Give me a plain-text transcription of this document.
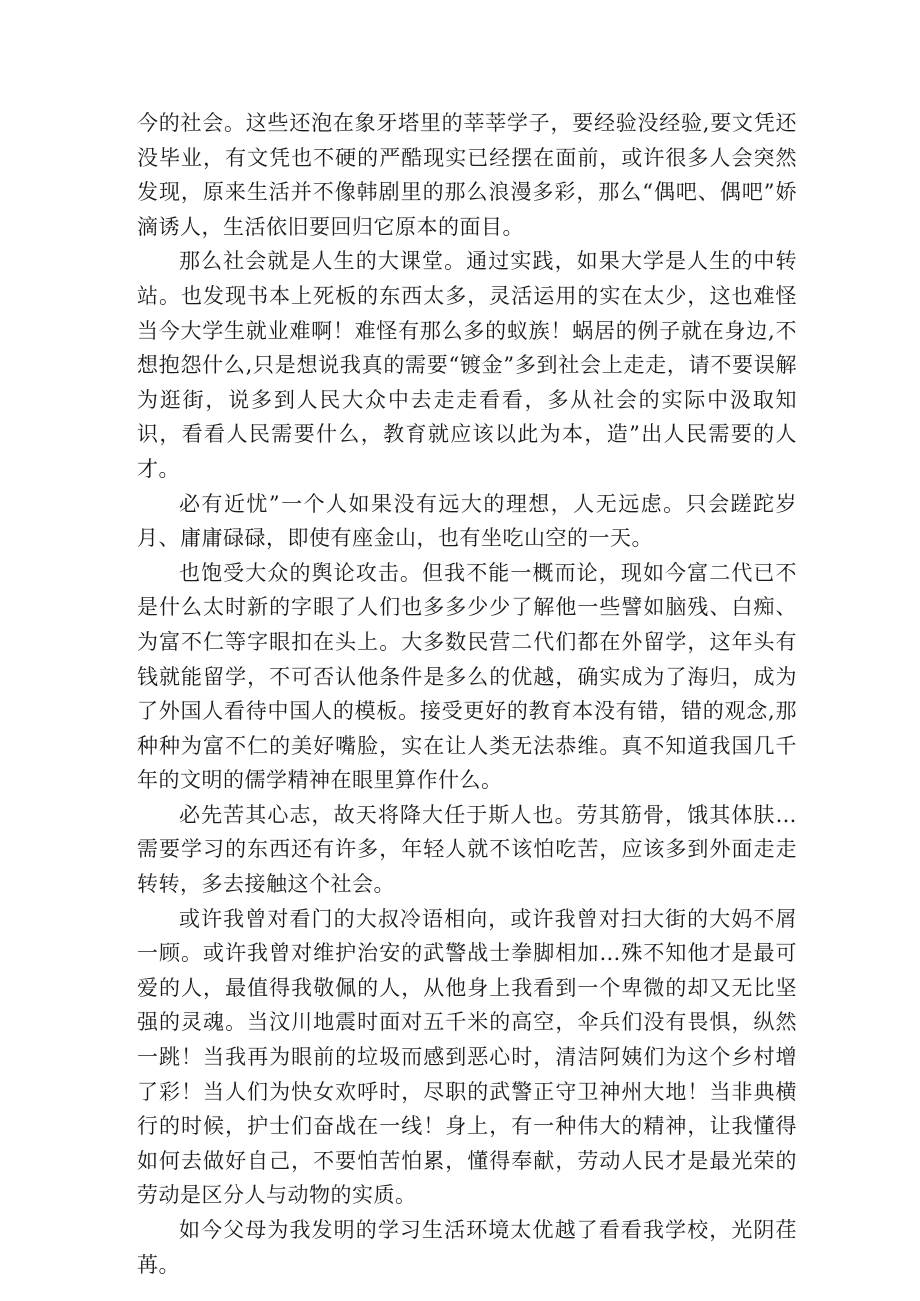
今的社会。这些还泡在象牙塔里的莘莘学子，要经验没经验,要文凭还没毕业，有文凭也不硬的严酷现实已经摆在面前，或许很多人会突然发现，原来生活并不像韩剧里的那么浪漫多彩，那么“偶吧、偶吧”娇滴诱人，生活依旧要回归它原本的面目。

那么社会就是人生的大课堂。通过实践，如果大学是人生的中转站。也发现书本上死板的东西太多，灵活运用的实在太少，这也难怪当今大学生就业难啊！难怪有那么多的蚁族！蜗居的例子就在身边,不想抱怨什么,只是想说我真的需要“镀金”多到社会上走走，请不要误解为逛街，说多到人民大众中去走走看看，多从社会的实际中汲取知识，看看人民需要什么，教育就应该以此为本，造”出人民需要的人才。

必有近忧”一个人如果没有远大的理想，人无远虑。只会蹉跎岁月、庸庸碌碌，即使有座金山，也有坐吃山空的一天。

也饱受大众的舆论攻击。但我不能一概而论，现如今富二代已不是什么太时新的字眼了人们也多多少少了解他一些譬如脑残、白痴、为富不仁等字眼扣在头上。大多数民营二代们都在外留学，这年头有钱就能留学，不可否认他条件是多么的优越，确实成为了海归，成为了外国人看待中国人的模板。接受更好的教育本没有错，错的观念,那种种为富不仁的美好嘴脸，实在让人类无法恭维。真不知道我国几千年的文明的儒学精神在眼里算作什么。

必先苦其心志，故天将降大任于斯人也。劳其筋骨，饿其体肤…需要学习的东西还有许多，年轻人就不该怕吃苦，应该多到外面走走转转，多去接触这个社会。

或许我曾对看门的大叔冷语相向，或许我曾对扫大街的大妈不屑一顾。或许我曾对维护治安的武警战士拳脚相加…殊不知他才是最可爱的人，最值得我敬佩的人，从他身上我看到一个卑微的却又无比坚强的灵魂。当汶川地震时面对五千米的高空，伞兵们没有畏惧，纵然一跳！当我再为眼前的垃圾而感到恶心时，清洁阿姨们为这个乡村增了彩！当人们为快女欢呼时，尽职的武警正守卫神州大地！当非典横行的时候，护士们奋战在一线！身上，有一种伟大的精神，让我懂得如何去做好自己，不要怕苦怕累，懂得奉献，劳动人民才是最光荣的劳动是区分人与动物的实质。

如今父母为我发明的学习生活环境太优越了看看我学校，光阴荏苒。
